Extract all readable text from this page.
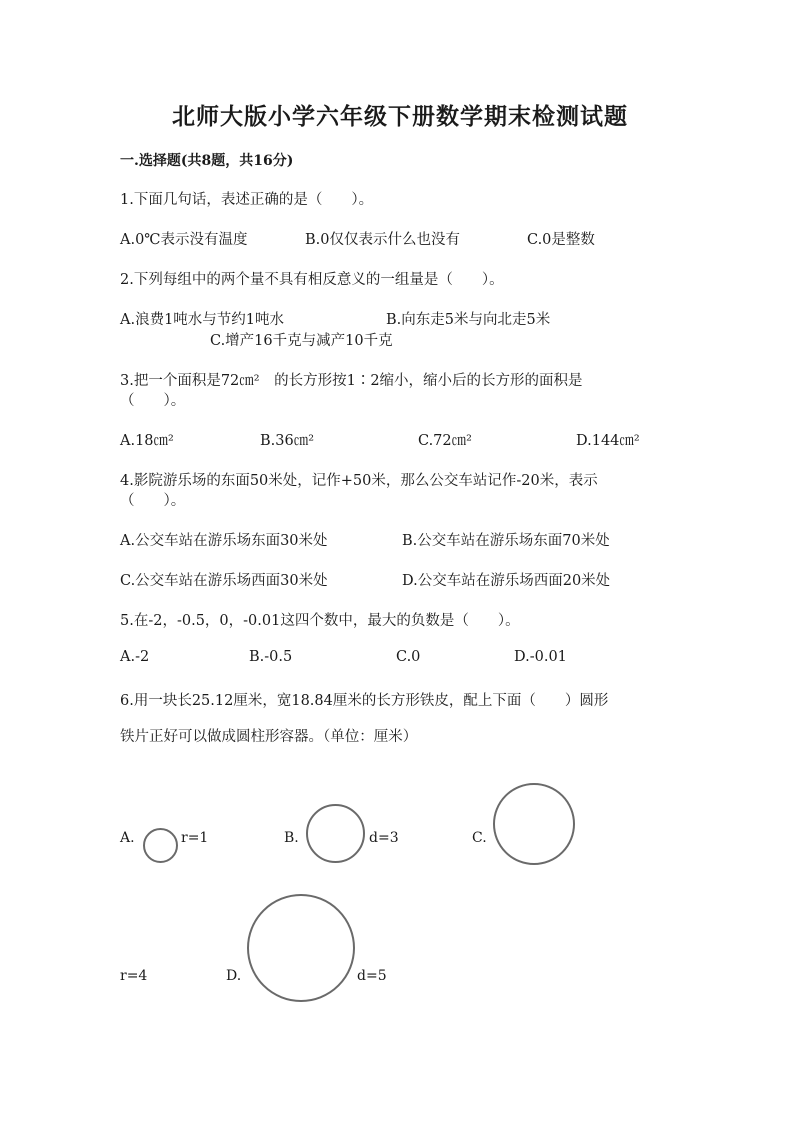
北师大版小学六年级下册数学期末检测试题
一.选择题(共8题，共16分)
1.下面几句话，表述正确的是（　　）。
A.0℃表示没有温度	B.0仅仅表示什么也没有	C.0是整数
2.下列每组中的两个量不具有相反意义的一组量是（　　）。
A.浪费1吨水与节约1吨水	B.向东走5米与向北走5米
C.增产16千克与减产10千克
3.把一个面积是72㎝²　的长方形按1∶2缩小，缩小后的长方形的面积是
（　　）。
A.18㎝²	B.36㎝²	C.72㎝²	D.144㎝²
4.影院游乐场的东面50米处，记作+50米，那么公交车站记作-20米，表示
（　　）。
A.公交车站在游乐场东面30米处	B.公交车站在游乐场东面70米处
C.公交车站在游乐场西面30米处	D.公交车站在游乐场西面20米处
5.在-2，-0.5，0，-0.01这四个数中，最大的负数是（　　）。
A.-2	B.-0.5	C.0	D.-0.01
6.用一块长25.12厘米，宽18.84厘米的长方形铁皮，配上下面（　　）圆形
铁片正好可以做成圆柱形容器。（单位：厘米）
A.	r=1	B.	d=3	C.
r=4	D.	d=5
